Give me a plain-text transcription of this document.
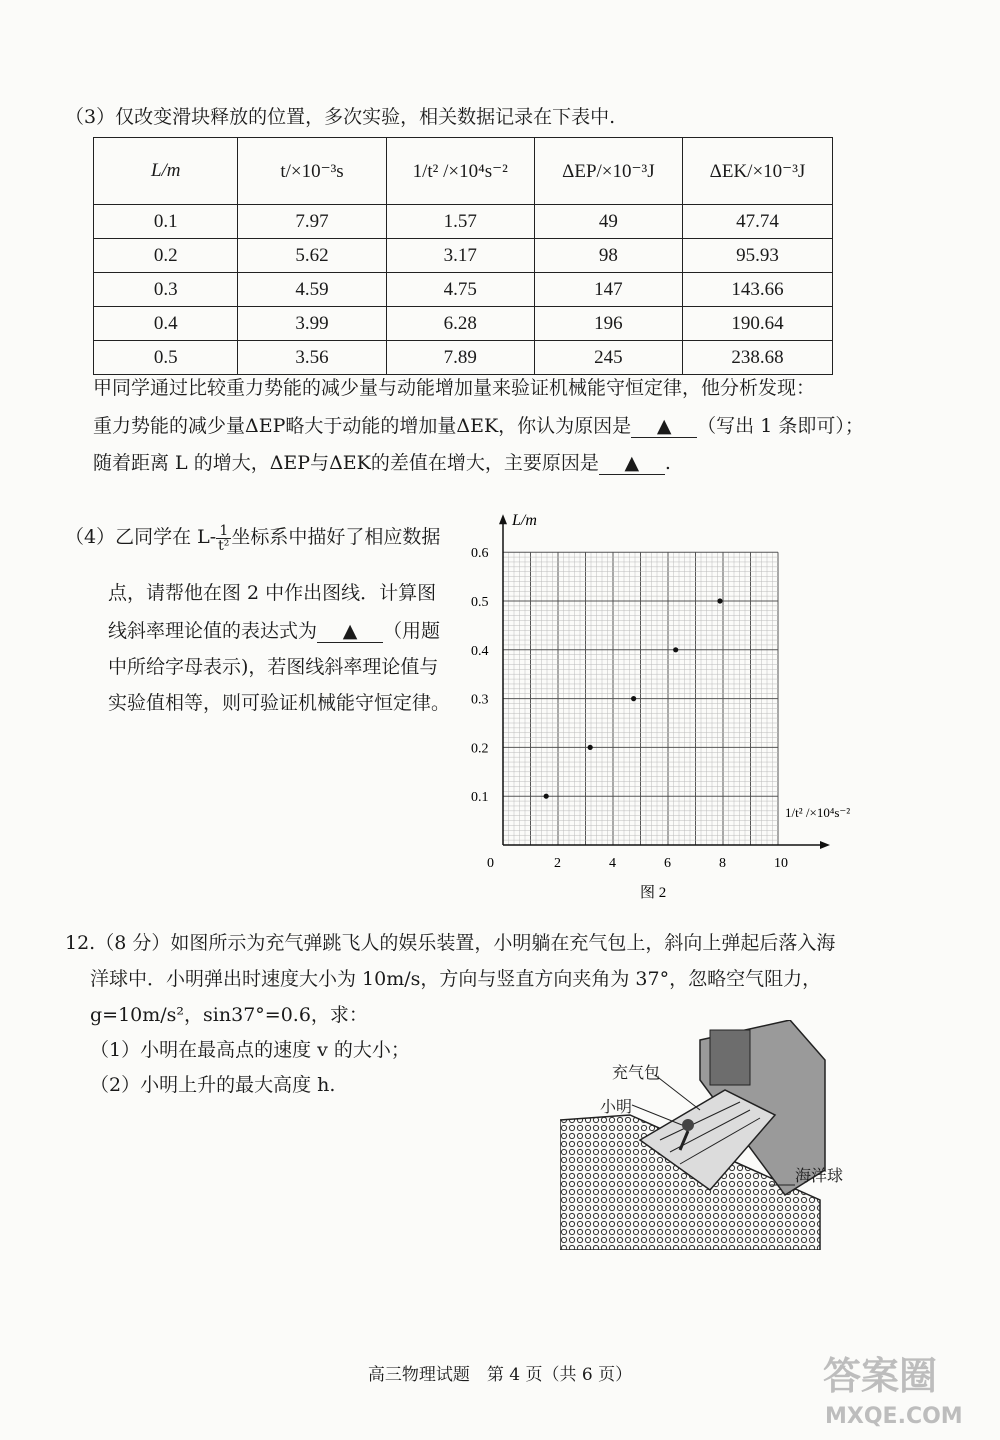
（3）仅改变滑块释放的位置，多次实验，相关数据记录在下表中.
L/m	t/×10⁻³s	1/t² /×10⁴s⁻²	ΔEP/×10⁻³J	ΔEK/×10⁻³J
0.1	7.97	1.57	49	47.74
0.2	5.62	3.17	98	95.93
0.3	4.59	4.75	147	143.66
0.4	3.99	6.28	196	190.64
0.5	3.56	7.89	245	238.68
甲同学通过比较重力势能的减少量与动能增加量来验证机械能守恒定律，他分析发现：
重力势能的减少量ΔEP略大于动能的增加量ΔEK，你认为原因是 ▲ （写出 1 条即可）；
随着距离 L 的增大，ΔEP与ΔEK的差值在增大，主要原因是 ▲ .
（4）乙同学在 $L- \frac{1}{\text{t²}}$ 坐标系中描好了相应数据
点，请帮他在图 2 中作出图线．计算图
线斜率理论值的表达式为 ▲ （用题
中所给字母表示)，若图线斜率理论值与
实验值相等，则可验证机械能守恒定律。
0	2	4	6	8	10
0.1
0.2
0.3
0.4
0.5
0.6
L/m
1/t² /×10⁴s⁻²
图 2
12.（8 分）如图所示为充气弹跳飞人的娱乐装置，小明躺在充气包上，斜向上弹起后落入海
洋球中．小明弹出时速度大小为 10m/s，方向与竖直方向夹角为 37°，忽略空气阻力，
g=10m/s²，sin37°=0.6，求：
（1）小明在最高点的速度 v 的大小；
（2）小明上升的最大高度 h.
充气包
小明
海洋球
高三物理试题　第 4 页（共 6 页）	答案圈
MXQE.COM
